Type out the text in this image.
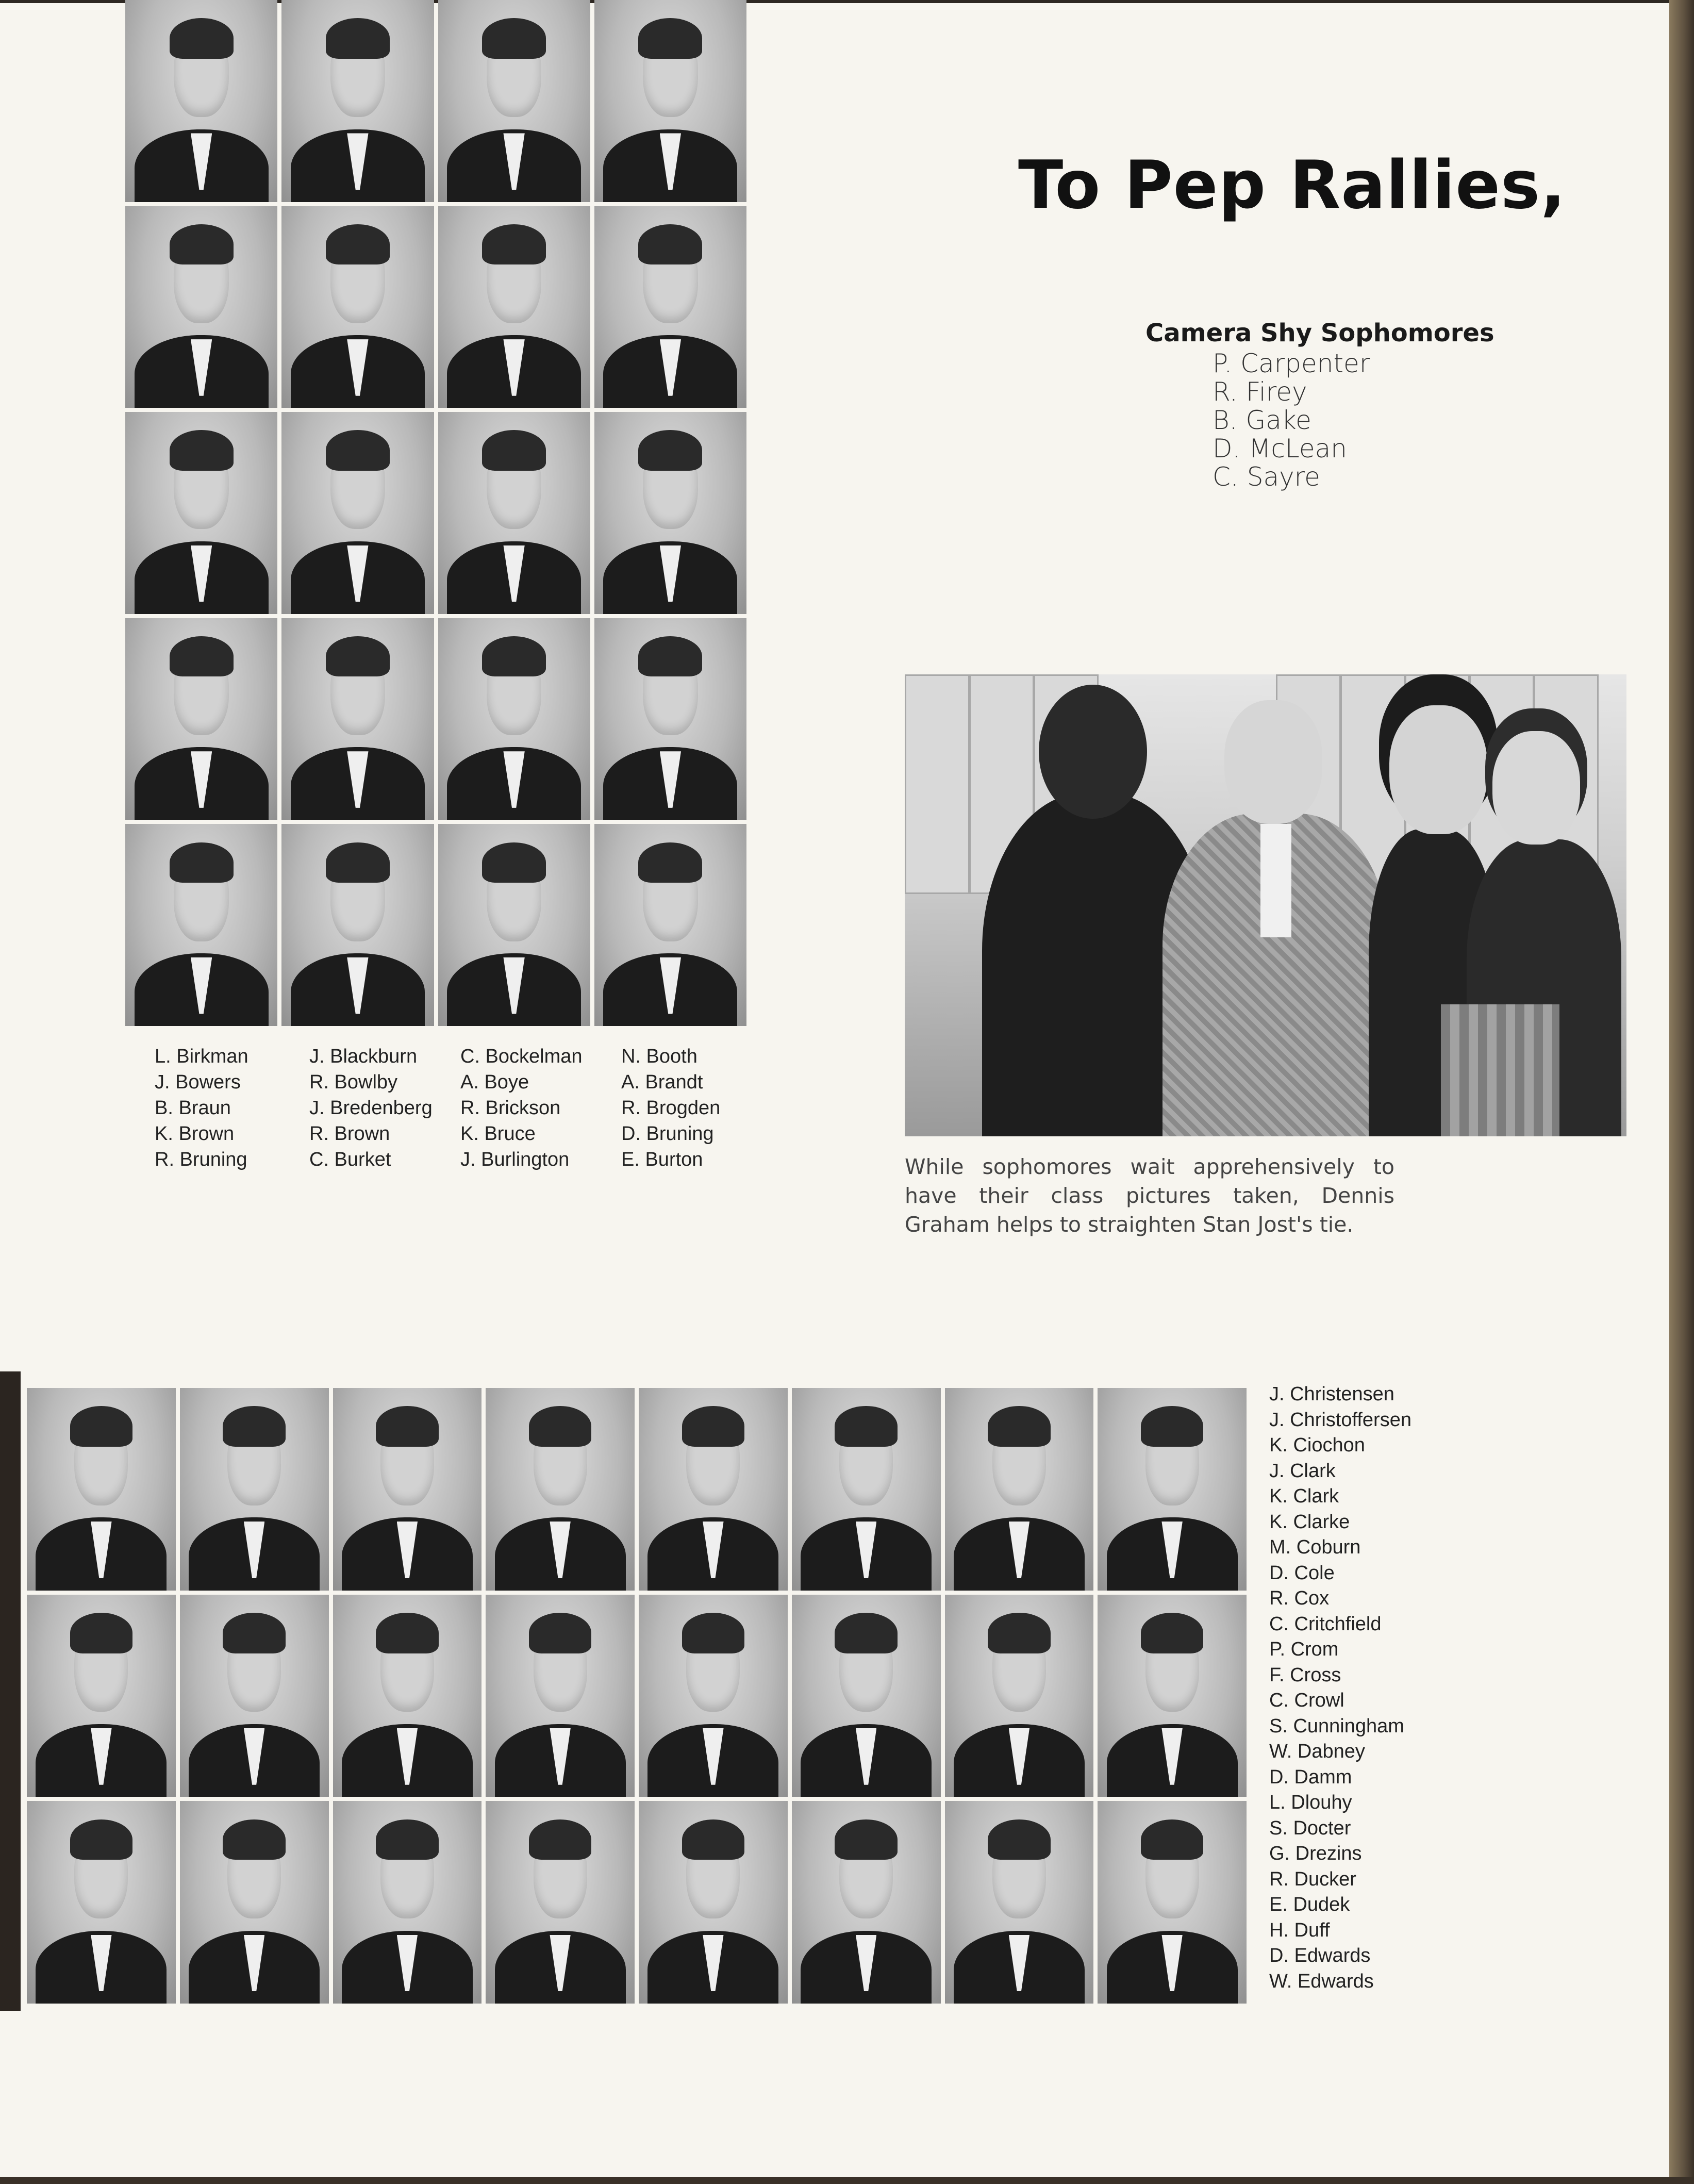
L. Birkman
J. Bowers
B. Braun
K. Brown
R. Bruning
J. Blackburn
R. Bowlby
J. Bredenberg
R. Brown
C. Burket
C. Bockelman
A. Boye
R. Brickson
K. Bruce
J. Burlington
N. Booth
A. Brandt
R. Brogden
D. Bruning
E. Burton
To Pep Rallies,
Camera Shy Sophomores
P. Carpenter
R. Firey
B. Gake
D. McLean
C. Sayre
While sophomores wait apprehensively to have their class pictures taken, Dennis Graham helps to straighten Stan Jost's tie.
J. Christensen
J. Christoffersen
K. Ciochon
J. Clark
K. Clark
K. Clarke
M. Coburn
D. Cole
R. Cox
C. Critchfield
P. Crom
F. Cross
C. Crowl
S. Cunningham
W. Dabney
D. Damm
L. Dlouhy
S. Docter
G. Drezins
R. Ducker
E. Dudek
H. Duff
D. Edwards
W. Edwards
